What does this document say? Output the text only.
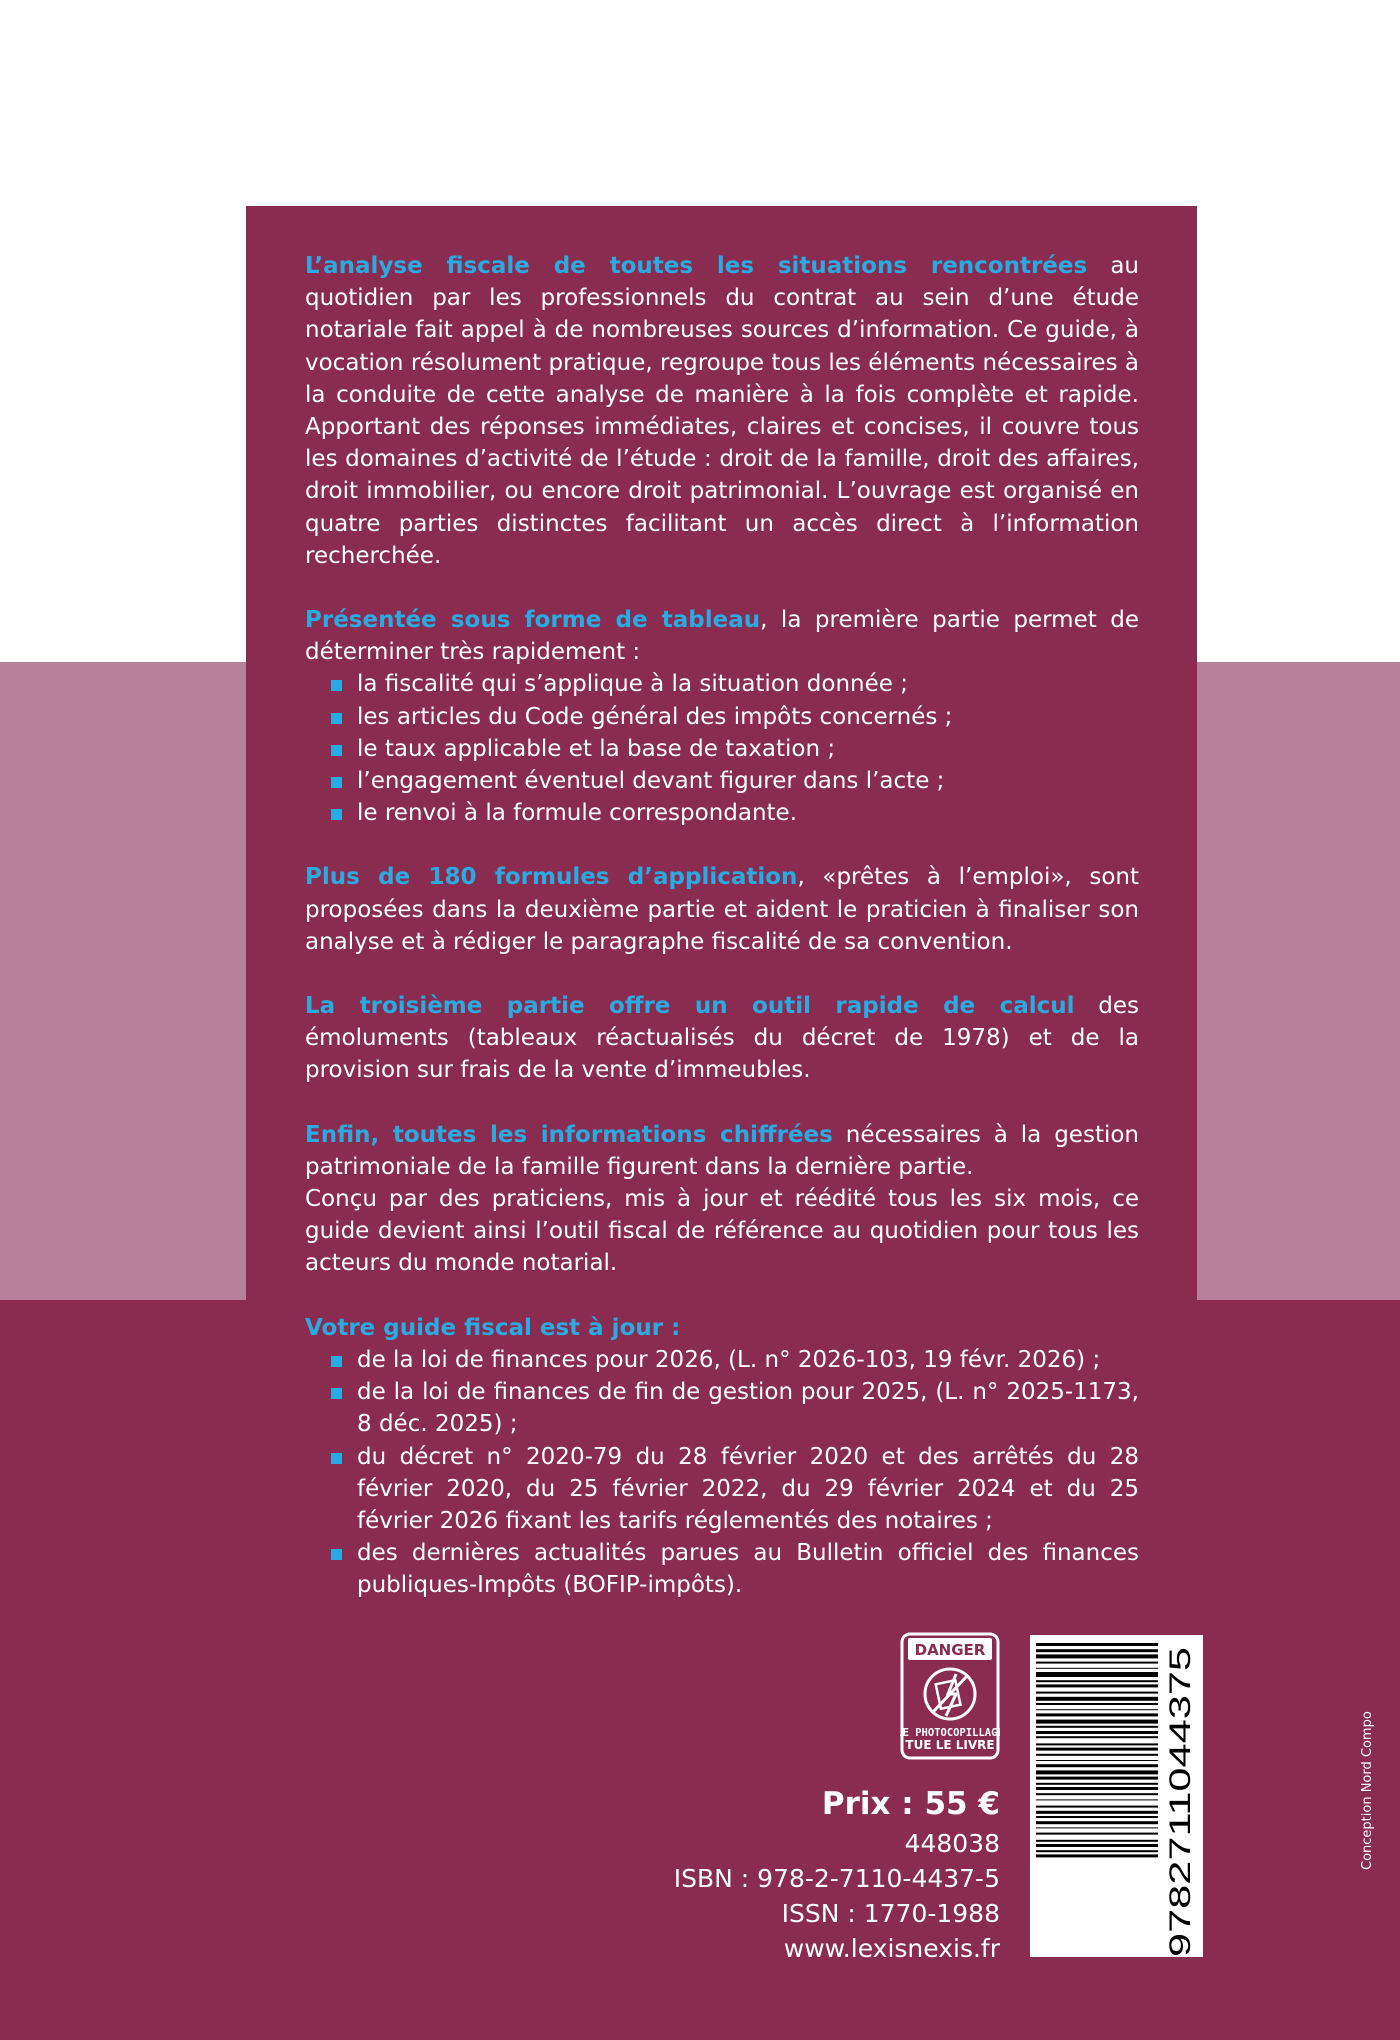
L’analyse fiscale de toutes les situations rencontrées au quotidien par les professionnels du contrat au sein d’une étude notariale fait appel à de nombreuses sources d’information. Ce guide, à vocation résolument pratique, regroupe tous les éléments nécessaires à la conduite de cette analyse de manière à la fois complète et rapide. Apportant des réponses immédiates, claires et concises, il couvre tous les domaines d’activité de l’étude : droit de la famille, droit des affaires, droit immobilier, ou encore droit patrimonial. L’ouvrage est organisé en quatre parties distinctes facilitant un accès direct à l’information recherchée.

Présentée sous forme de tableau, la première partie permet de déterminer très rapidement :

la fiscalité qui s’applique à la situation donnée ;
les articles du Code général des impôts concernés ;
le taux applicable et la base de taxation ;
l’engagement éventuel devant figurer dans l’acte ;
le renvoi à la formule correspondante.

Plus de 180 formules d’application, «prêtes à l’emploi», sont proposées dans la deuxième partie et aident le praticien à finaliser son analyse et à rédiger le paragraphe fiscalité de sa convention.

La troisième partie offre un outil rapide de calcul des émoluments (tableaux réactualisés du décret de 1978) et de la provision sur frais de la vente d’immeubles.

Enfin, toutes les informations chiffrées nécessaires à la gestion patrimoniale de la famille figurent dans la dernière partie.

Conçu par des praticiens, mis à jour et réédité tous les six mois, ce guide devient ainsi l’outil fiscal de référence au quotidien pour tous les acteurs du monde notarial.

Votre guide fiscal est à jour :

de la loi de finances pour 2026, (L. n° 2026-103, 19 févr. 2026) ;
de la loi de finances de fin de gestion pour 2025, (L. n° 2025-1173, 8 déc. 2025) ;
du décret n° 2020-79 du 28 février 2020 et des arrêtés du 28 février 2020, du 25 février 2022, du 29 février 2024 et du 25 février 2026 fixant les tarifs réglementés des notaires ;
des dernières actualités parues au Bulletin officiel des finances publiques-Impôts (BOFIP-impôts).
DANGER
LE PHOTOCOPILLAGE
TUE LE LIVRE	9782711044375
Prix : 55 €
448038
ISBN : 978-2-7110-4437-5
ISSN : 1770-1988
www.lexisnexis.fr
Conception Nord Compo
